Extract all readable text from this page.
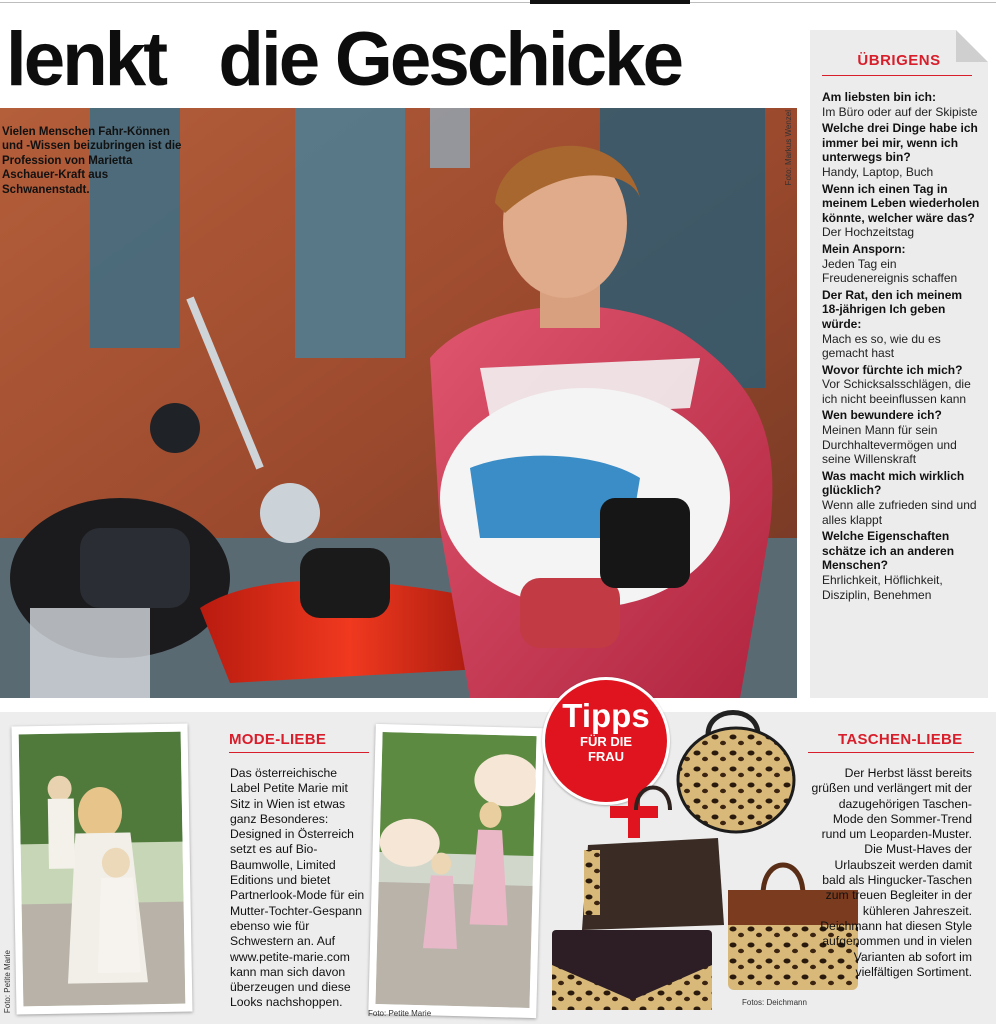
lenkt   die Geschicke
Vielen Menschen Fahr-Können und -Wissen beizubringen ist die Profession von Marietta Aschauer-Kraft aus Schwanenstadt.
Foto: Markus Wenzel
ÜBRIGENS
Am liebsten bin ich:
Im Büro oder auf der Skipiste
Welche drei Dinge habe ich immer bei mir, wenn ich unterwegs bin?
Handy, Laptop, Buch
Wenn ich einen Tag in meinem Leben wiederholen könnte, welcher wäre das?
Der Hochzeitstag
Mein Ansporn:
Jeden Tag ein Freudenereignis schaffen
Der Rat, den ich meinem 18-jährigen Ich geben würde:
Mach es so, wie du es gemacht hast
Wovor fürchte ich mich?
Vor Schicksalsschlägen, die ich nicht beeinflussen kann
Wen bewundere ich?
Meinen Mann für sein Durchhaltevermögen und seine Willenskraft
Was macht mich wirklich glücklich?
Wenn alle zufrieden sind und alles klappt
Welche Eigenschaften schätze ich an anderen Menschen?
Ehrlichkeit, Höflichkeit, Disziplin, Benehmen
Foto: Petite Marie
MODE-LIEBE
Das österreichische Label Petite Marie mit Sitz in Wien ist etwas ganz Besonderes: Designed in Österreich setzt es auf Bio-Baumwolle, Limited Editions und bietet Partnerlook-Mode für ein Mutter-Tochter-Gespann ebenso wie für Schwestern an. Auf www.petite-marie.com kann man sich davon überzeugen und diese Looks nachshoppen.
Foto: Petite Marie
Tipps
FÜR DIE
FRAU
TASCHEN-LIEBE
Der Herbst lässt bereits grüßen und verlängert mit der dazugehörigen Taschen-Mode den Sommer-Trend rund um Leoparden-Muster. Die Must-Haves der Urlaubszeit werden damit bald als Hingucker-Taschen zum treuen Begleiter in der kühleren Jahreszeit. Deichmann hat diesen Style aufgenommen und in vielen Varianten ab sofort im vielfältigen Sortiment.
Fotos: Deichmann
